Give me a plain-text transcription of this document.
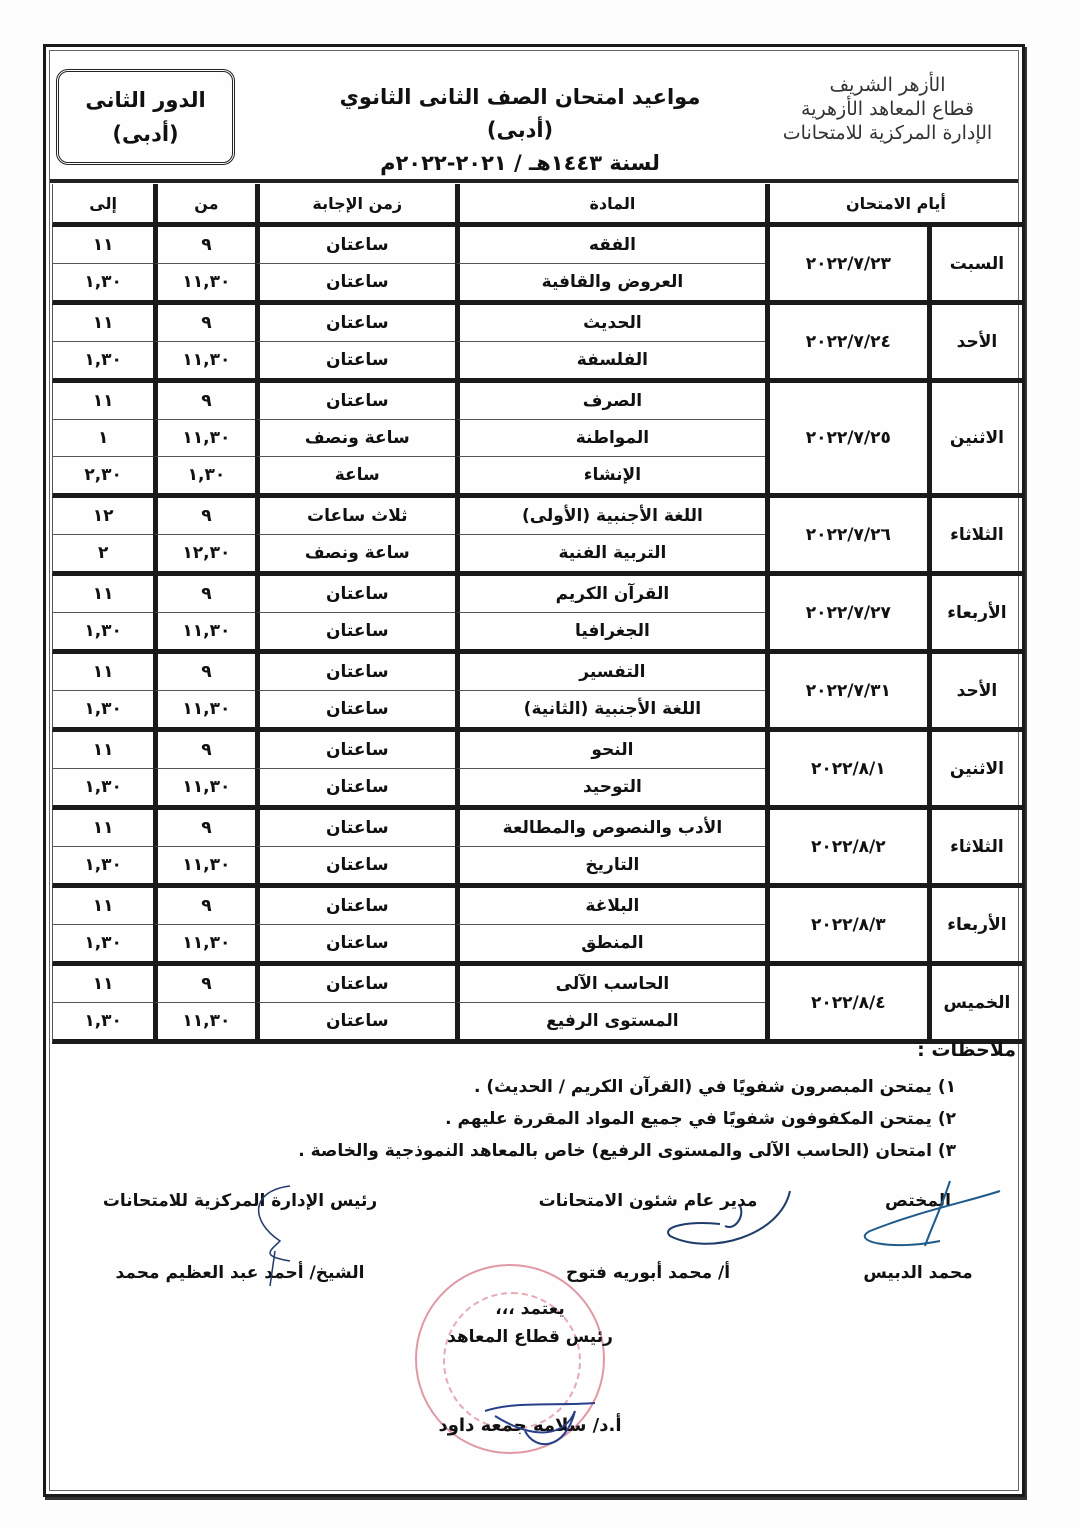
الدور الثانى
(أدبى)
مواعيد امتحان الصف الثانى الثانوي (أدبى)
لسنة ١٤٤٣هـ / ٢٠٢١-٢٠٢٢م
الأزهر الشريف
قطاع المعاهد الأزهرية
الإدارة المركزية للامتحانات
أيام الامتحان		المادة	زمن الإجابة	من	إلى
السبت	٢٠٢٢/٧/٢٣	الفقه	ساعتان	٩	١١
		العروض والقافية	ساعتان	١١,٣٠	١,٣٠
الأحد	٢٠٢٢/٧/٢٤	الحديث	ساعتان	٩	١١
		الفلسفة	ساعتان	١١,٣٠	١,٣٠
الاثنين	٢٠٢٢/٧/٢٥	الصرف	ساعتان	٩	١١
		المواطنة	ساعة ونصف	١١,٣٠	١
		الإنشاء	ساعة	١,٣٠	٢,٣٠
الثلاثاء	٢٠٢٢/٧/٢٦	اللغة الأجنبية (الأولى)	ثلاث ساعات	٩	١٢
		التربية الفنية	ساعة ونصف	١٢,٣٠	٢
الأربعاء	٢٠٢٢/٧/٢٧	القرآن الكريم	ساعتان	٩	١١
		الجغرافيا	ساعتان	١١,٣٠	١,٣٠
الأحد	٢٠٢٢/٧/٣١	التفسير	ساعتان	٩	١١
		اللغة الأجنبية (الثانية)	ساعتان	١١,٣٠	١,٣٠
الاثنين	٢٠٢٢/٨/١	النحو	ساعتان	٩	١١
		التوحيد	ساعتان	١١,٣٠	١,٣٠
الثلاثاء	٢٠٢٢/٨/٢	الأدب والنصوص والمطالعة	ساعتان	٩	١١
		التاريخ	ساعتان	١١,٣٠	١,٣٠
الأربعاء	٢٠٢٢/٨/٣	البلاغة	ساعتان	٩	١١
		المنطق	ساعتان	١١,٣٠	١,٣٠
الخميس	٢٠٢٢/٨/٤	الحاسب الآلى	ساعتان	٩	١١
		المستوى الرفيع	ساعتان	١١,٣٠	١,٣٠
ملاحظات :
١) يمتحن المبصرون شفويًا في (القرآن الكريم / الحديث) .
٢) يمتحن المكفوفون شفويًا في جميع المواد المقررة عليهم .
٣) امتحان (الحاسب الآلى والمستوى الرفيع) خاص بالمعاهد النموذجية والخاصة .
المختص
محمد الدبيس
مدير عام شئون الامتحانات
أ/ محمد أبوريه فتوح
رئيس الإدارة المركزية للامتحانات
الشيخ/ أحمد عبد العظيم محمد
يعتمد ،،،
رئيس قطاع المعاهد
أ.د/ سلامه جمعه داود
